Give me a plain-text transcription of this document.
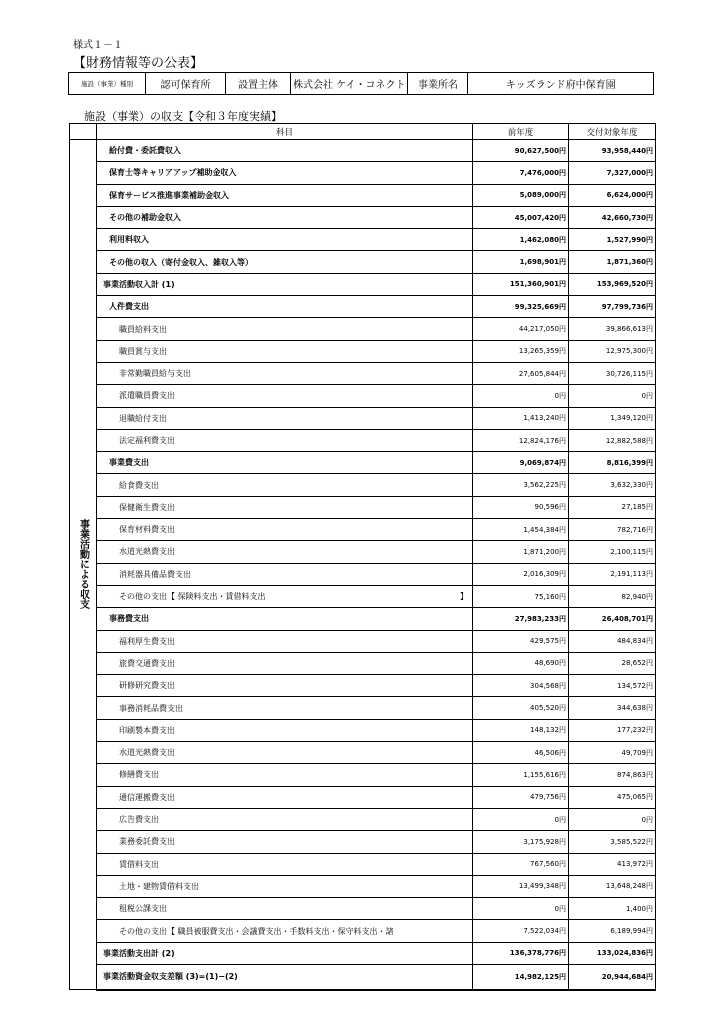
様式１－１
【財務情報等の公表】
施設（事業）種別	認可保育所	設置主体	株式会社 ケイ・コネクト	事業所名	キッズランド府中保育園
施設（事業）の収支【令和３年度実績】
	科目	前年度	交付対象年度
事業活動による収支	給付費・委託費収入	90,627,500円	93,958,440円
	保育士等キャリアアップ補助金収入	7,476,000円	7,327,000円
	保育サービス推進事業補助金収入	5,089,000円	6,624,000円
	その他の補助金収入	45,007,420円	42,660,730円
	利用料収入	1,462,080円	1,527,990円
	その他の収入（寄付金収入、雑収入等）	1,698,901円	1,871,360円
	事業活動収入計 (1)	151,360,901円	153,969,520円
	人件費支出	99,325,669円	97,799,736円
	職員給料支出	44,217,050円	39,866,613円
	職員賞与支出	13,265,359円	12,975,300円
	非常勤職員給与支出	27,605,844円	30,726,115円
	派遣職員費支出	0円	0円
	退職給付支出	1,413,240円	1,349,120円
	法定福利費支出	12,824,176円	12,882,588円
	事業費支出	9,069,874円	8,816,399円
	給食費支出	3,562,225円	3,632,330円
	保健衛生費支出	90,596円	27,185円
	保育材料費支出	1,454,384円	782,716円
	水道光熱費支出	1,871,200円	2,100,115円
	消耗器具備品費支出	2,016,309円	2,191,113円
	その他の支出【 保険料支出・賃借料支出 】	75,160円	82,940円
	事務費支出	27,983,233円	26,408,701円
	福利厚生費支出	429,575円	484,834円
	旅費交通費支出	48,690円	28,652円
	研修研究費支出	304,568円	134,572円
	事務消耗品費支出	405,520円	344,638円
	印刷製本費支出	148,132円	177,232円
	水道光熱費支出	46,506円	49,709円
	修繕費支出	1,155,616円	874,863円
	通信運搬費支出	479,756円	475,065円
	広告費支出	0円	0円
	業務委託費支出	3,175,928円	3,585,522円
	賃借料支出	767,560円	413,972円
	土地・建物賃借料支出	13,499,348円	13,648,248円
	租税公課支出	0円	1,400円
	その他の支出【 職員被服費支出・会議費支出・手数料支出・保守料支出・諸	7,522,034円	6,189,994円
	事業活動支出計 (2)	136,378,776円	133,024,836円
	事業活動資金収支差額 (3)=(1)−(2)	14,982,125円	20,944,684円
